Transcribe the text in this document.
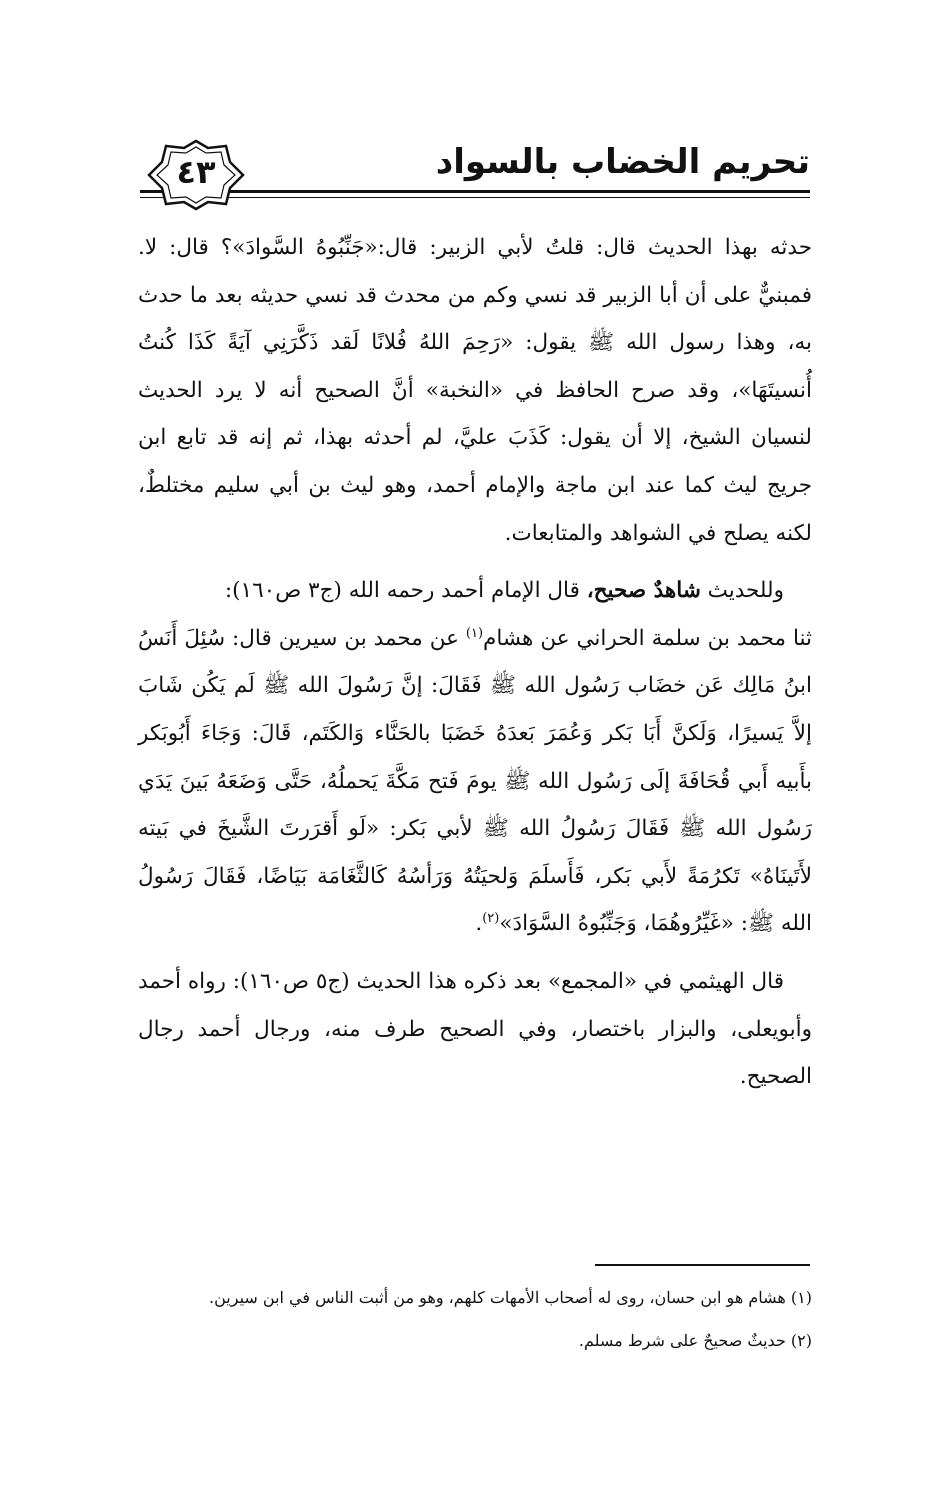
تحريم الخضاب بالسواد
٤٣

حدثه بهذا الحديث قال: قلتُ لأبي الزبير: قال:«جَنِّبُوهُ السَّوادَ»؟ قال: لا. فمبنيٌّ على أن أبا الزبير قد نسي وكم من محدث قد نسي حديثه بعد ما حدث به، وهذا رسول الله ﷺ يقول: «رَحِمَ اللهُ فُلانًا لَقد ذَكَّرَنِي آيَةً كَذَا كُنتُ أُنسيتَهَا»، وقد صرح الحافظ في «النخبة» أنَّ الصحيح أنه لا يرد الحديث لنسيان الشيخ، إلا أن يقول: كَذَبَ عليَّ، لم أحدثه بهذا، ثم إنه قد تابع ابن جريج ليث كما عند ابن ماجة والإمام أحمد، وهو ليث بن أبي سليم مختلطٌ، لكنه يصلح في الشواهد والمتابعات.

وللحديث شاهدٌ صحيح، قال الإمام أحمد رحمه الله (ج٣ ص١٦٠):

ثنا محمد بن سلمة الحراني عن هشام$^{(١)}$ عن محمد بن سيرين قال: سُئِلَ أَنَسُ ابنُ مَالِك عَن خضَاب رَسُول الله ﷺ فَقَالَ: إنَّ رَسُولَ الله ﷺ لَم يَكُن شَابَ إلاَّ يَسيرًا، وَلَكنَّ أَبَا بَكر وَعُمَرَ بَعدَهُ خَضَبَا بالحَنَّاء وَالكَتَم، قَالَ: وَجَاءَ أَبُوبَكر بأَبيه أَبي قُحَافَةَ إلَى رَسُول الله ﷺ يومَ فَتح مَكَّةَ يَحملُهُ، حَتَّى وَضَعَهُ بَينَ يَدَي رَسُول الله ﷺ فَقَالَ رَسُولُ الله ﷺ لأبي بَكر: «لَو أَقرَرتَ الشَّيخَ في بَيته لأَتَينَاهُ» تَكرُمَةً لأَبي بَكر، فَأَسلَمَ وَلحيَتُهُ وَرَأسُهُ كَالثَّغَامَة بَيَاضًا، فَقَالَ رَسُولُ الله ﷺ: «غَيِّرُوهُمَا، وَجَنِّبُوهُ السَّوَادَ»$^{(٢)}$.

قال الهيثمي في «المجمع» بعد ذكره هذا الحديث (ج٥ ص١٦٠): رواه أحمد وأبويعلى، والبزار باختصار، وفي الصحيح طرف منه، ورجال أحمد رجال الصحيح.

(١) هشام هو ابن حسان، روى له أصحاب الأمهات كلهم، وهو من أثبت الناس في ابن سيرين.

(٢) حديثٌ صحيحٌ على شرط مسلم.
